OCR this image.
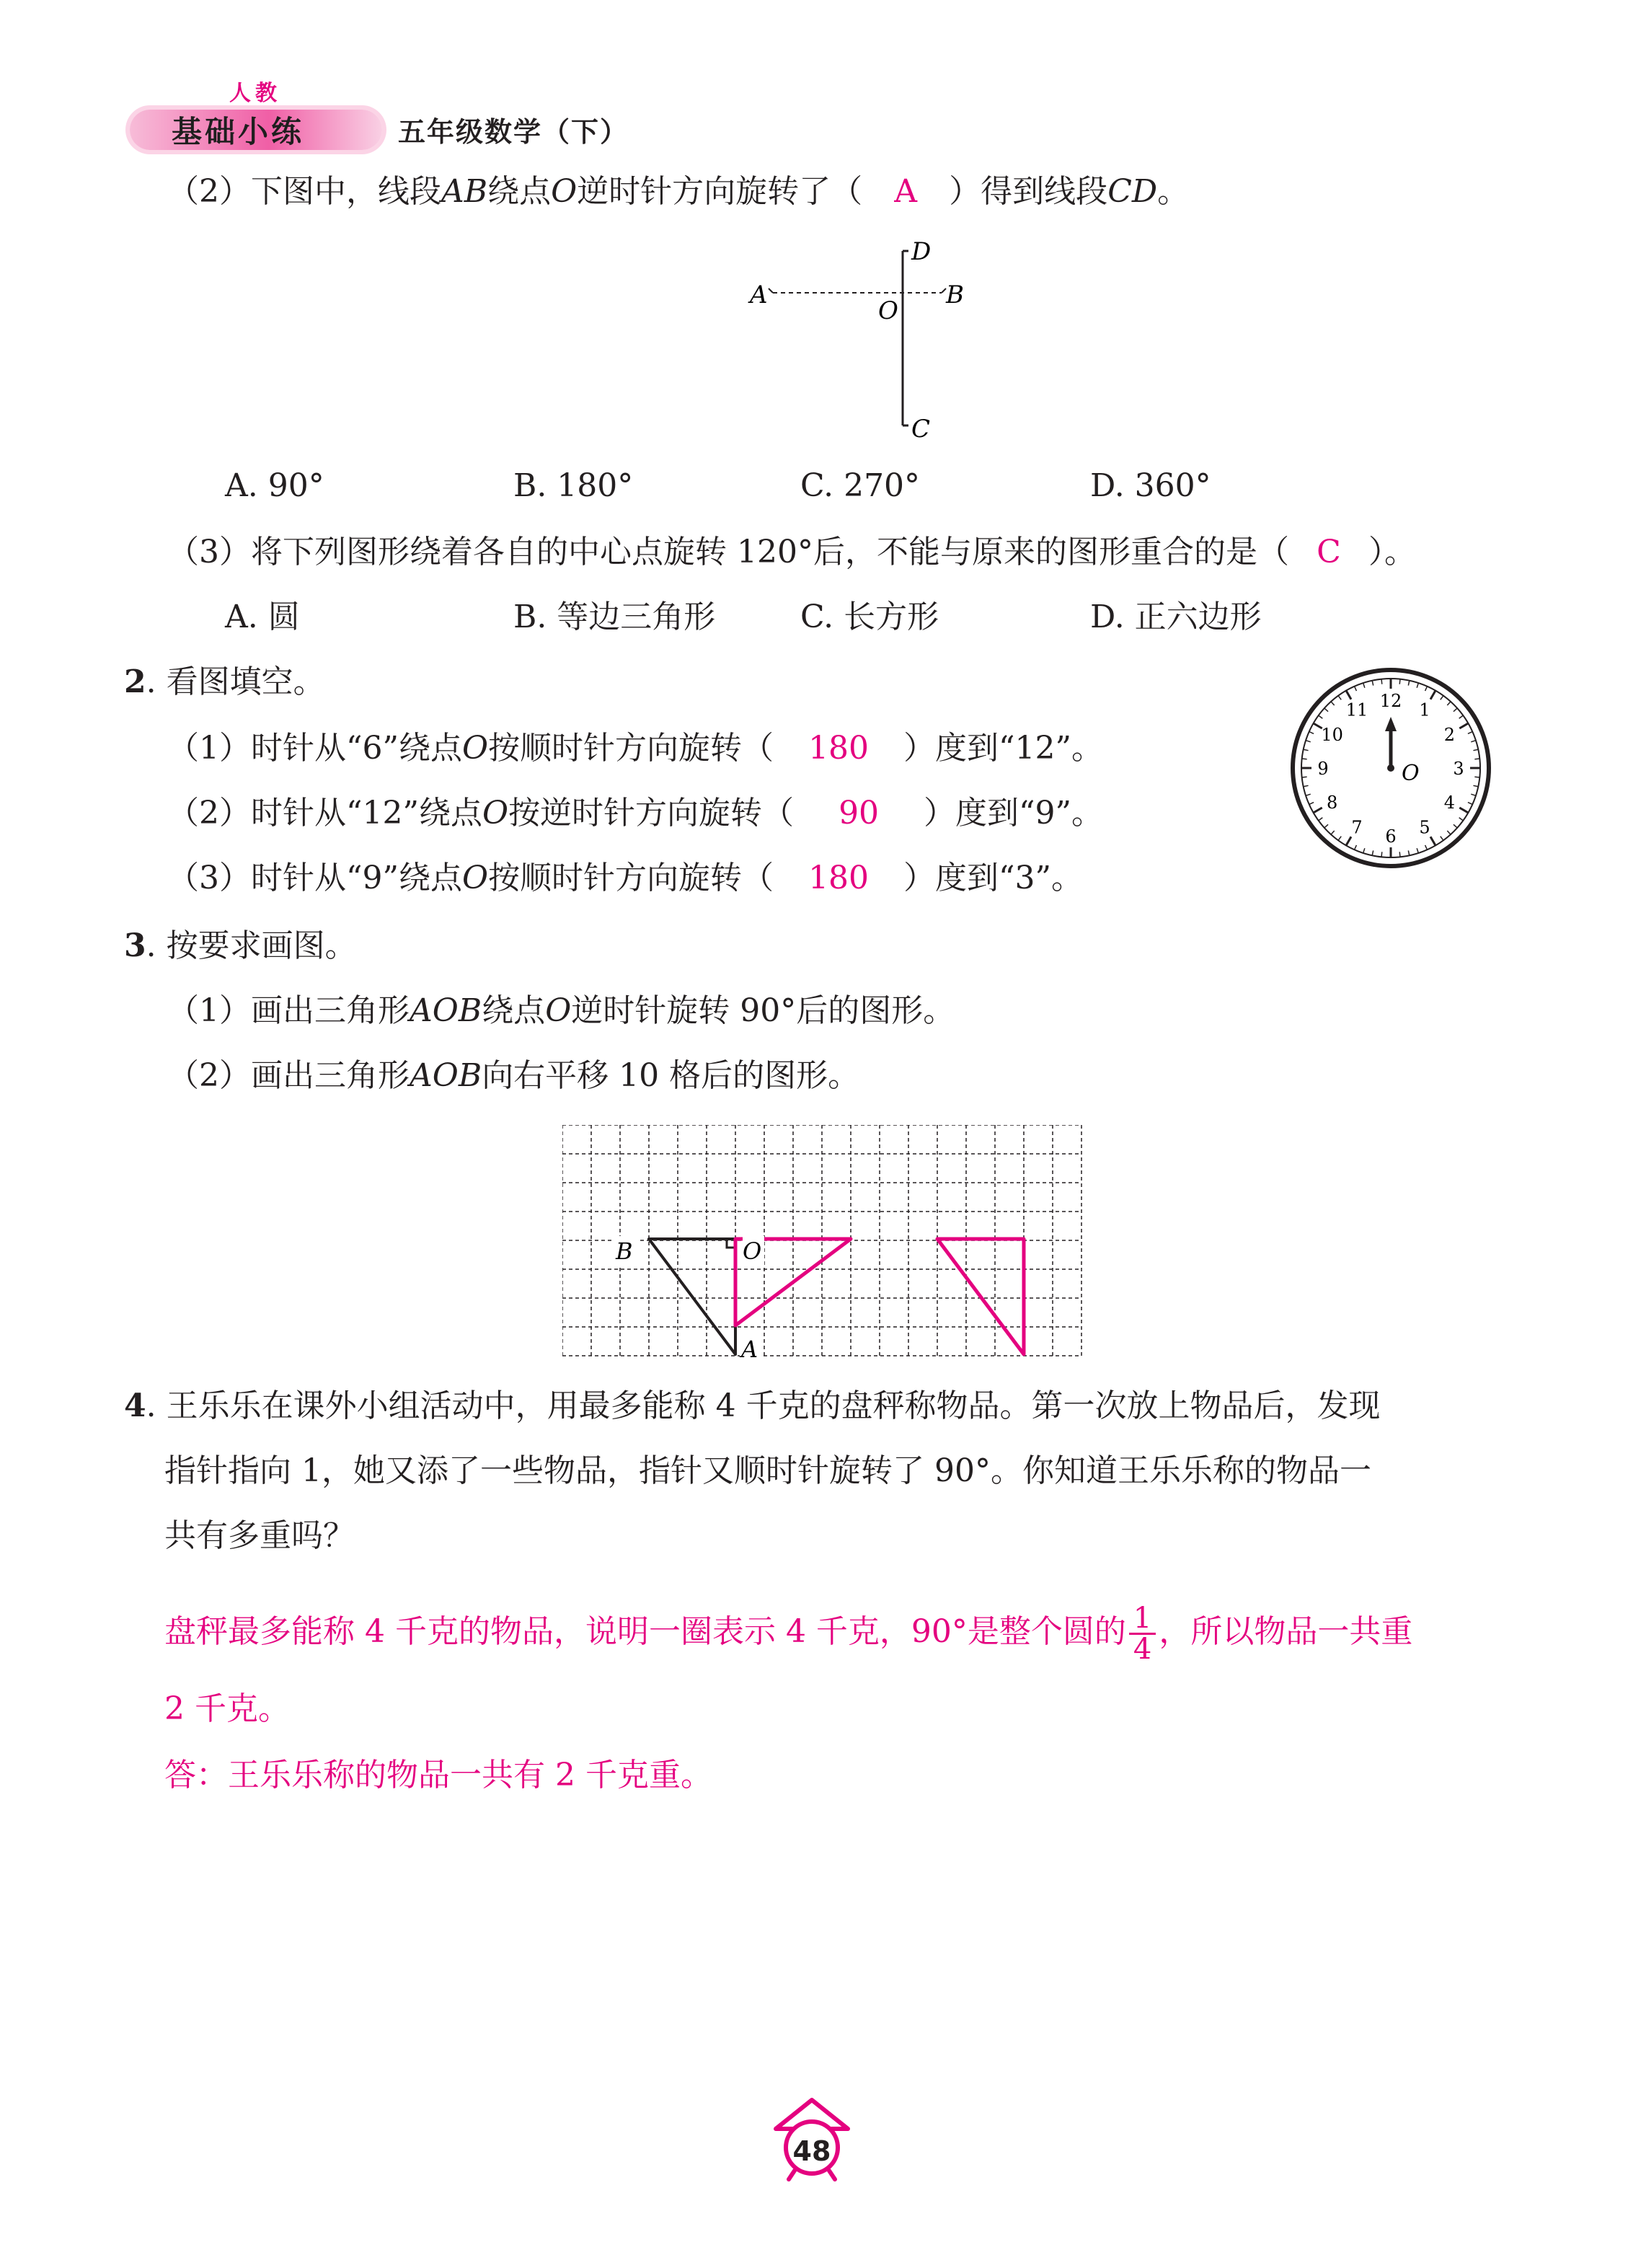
人教
基础小练	五年级数学（下）
（2）下图中，线段AB绕点O逆时针方向旋转了（ A ）得到线段CD。
A	B
D
C
O
A. 90°	B. 180°	C. 270°	D. 360°
（3）将下列图形绕着各自的中心点旋转 120°后，不能与原来的图形重合的是（ C ）。
A. 圆	B. 等边三角形	C. 长方形	D. 正六边形
2. 看图填空。
（1）时针从“6”绕点O按顺时针方向旋转（ 180 ）度到“12”。
（2）时针从“12”绕点O按逆时针方向旋转（ 90 ）度到“9”。
（3）时针从“9”绕点O按顺时针方向旋转（ 180 ）度到“3”。
12 1
2
3
4
5
6
7
8
9
10
11
O
3. 按要求画图。
（1）画出三角形AOB绕点O逆时针旋转 90°后的图形。
（2）画出三角形AOB向右平移 10 格后的图形。
B	O
A
4. 王乐乐在课外小组活动中，用最多能称 4 千克的盘秤称物品。第一次放上物品后，发现
指针指向 1，她又添了一些物品，指针又顺时针旋转了 90°。你知道王乐乐称的物品一
共有多重吗？
盘秤最多能称 4 千克的物品，说明一圈表示 4 千克，90°是整个圆的 $\frac{1}{4}$ ，所以物品一共重
2 千克。
答：王乐乐称的物品一共有 2 千克重。
48
